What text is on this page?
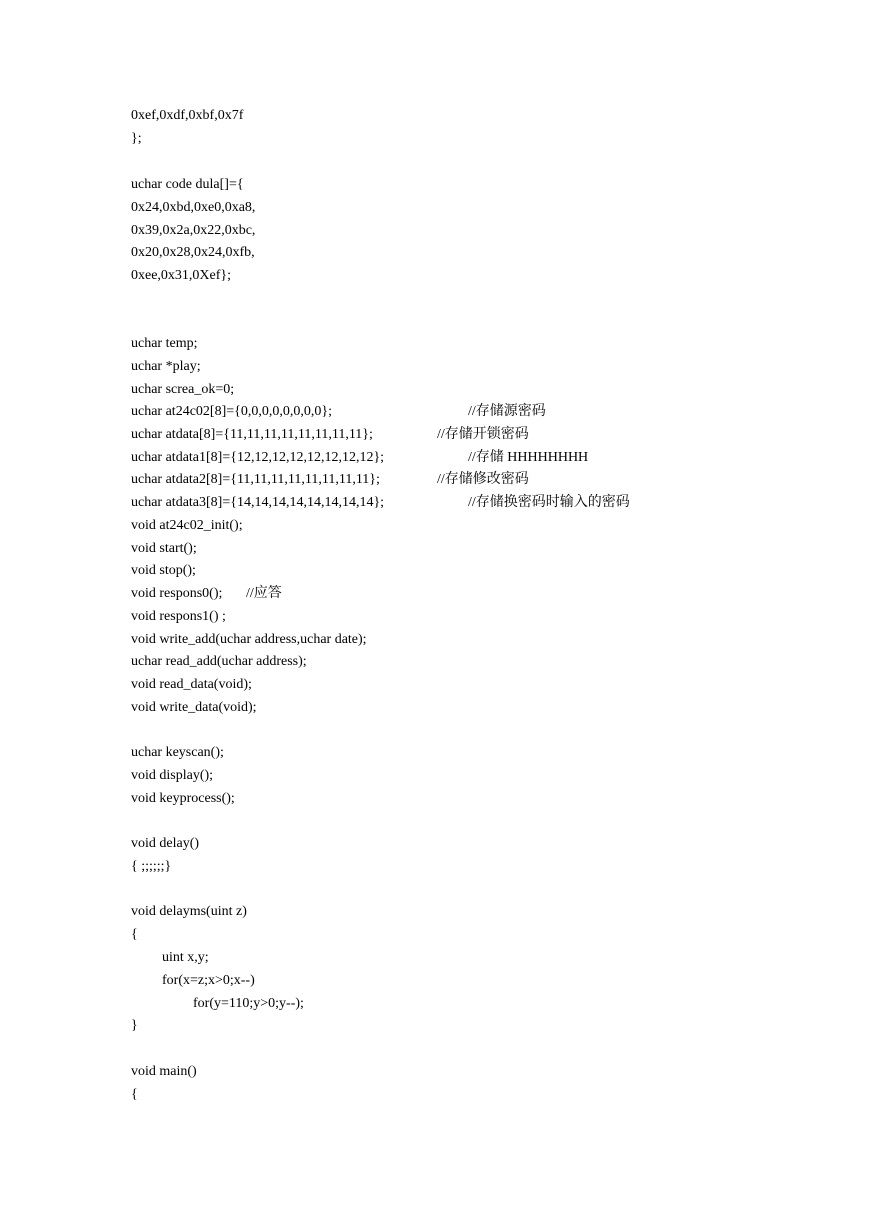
0xef,0xdf,0xbf,0x7f
};
uchar code dula[]={
0x24,0xbd,0xe0,0xa8,
0x39,0x2a,0x22,0xbc,
0x20,0x28,0x24,0xfb,
0xee,0x31,0Xef};
uchar temp;
uchar *play;
uchar screa_ok=0;
uchar at24c02[8]={0,0,0,0,0,0,0,0};	//存储源密码
uchar atdata[8]={11,11,11,11,11,11,11,11};	//存储开锁密码
uchar atdata1[8]={12,12,12,12,12,12,12,12};	//存储 HHHHHHHH
uchar atdata2[8]={11,11,11,11,11,11,11,11};	//存储修改密码
uchar atdata3[8]={14,14,14,14,14,14,14,14};	//存储换密码时输入的密码
void at24c02_init();
void start();
void stop();
void respons0(); //应答
void respons1() ;
void write_add(uchar address,uchar date);
uchar read_add(uchar address);
void read_data(void);
void write_data(void);
uchar keyscan();
void display();
void keyprocess();
void delay()
{ ;;;;;;}
void delayms(uint z)
{
uint x,y;
for(x=z;x>0;x--)
for(y=110;y>0;y--);
}
void main()
{
